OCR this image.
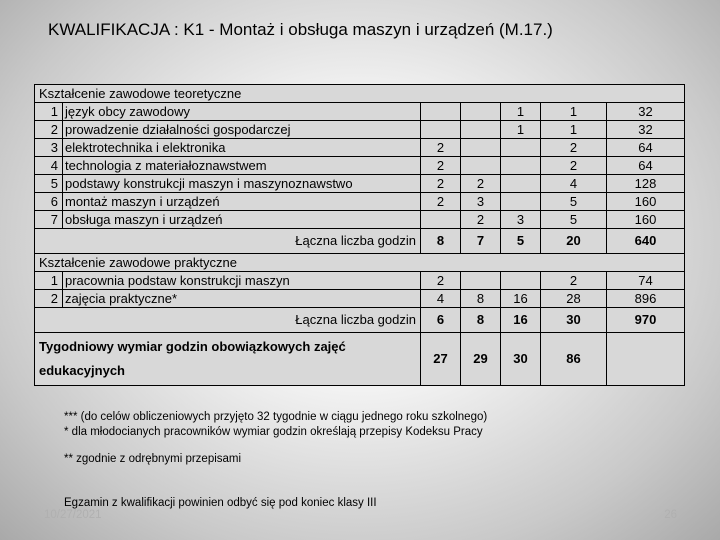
KWALIFIKACJA : K1 - Montaż i obsługa maszyn i urządzeń (M.17.)
Kształcenie zawodowe teoretyczne						
1	język obcy zawodowy			1	1	32
2	prowadzenie działalności gospodarczej			1	1	32
3	elektrotechnika i elektronika	2			2	64
4	technologia z materiałoznawstwem	2			2	64
5	podstawy konstrukcji maszyn i maszynoznawstwo	2	2		4	128
6	montaż maszyn i urządzeń	2	3		5	160
7	obsługa maszyn i urządzeń		2	3	5	160
Łączna liczba godzin		8	7	5	20	640
Kształcenie zawodowe praktyczne						
1	pracownia podstaw konstrukcji maszyn	2			2	74
2	zajęcia praktyczne*	4	8	16	28	896
Łączna liczba godzin		6	8	16	30	970
Tygodniowy wymiar godzin obowiązkowych zajęć edukacyjnych		27	29	30	86	
*** (do celów obliczeniowych przyjęto 32 tygodnie w ciągu jednego roku szkolnego)
* dla młodocianych pracowników wymiar godzin określają przepisy Kodeksu Pracy
** zgodnie z odrębnymi przepisami
Egzamin z kwalifikacji powinien odbyć się pod koniec klasy III
10/27/2021	26
